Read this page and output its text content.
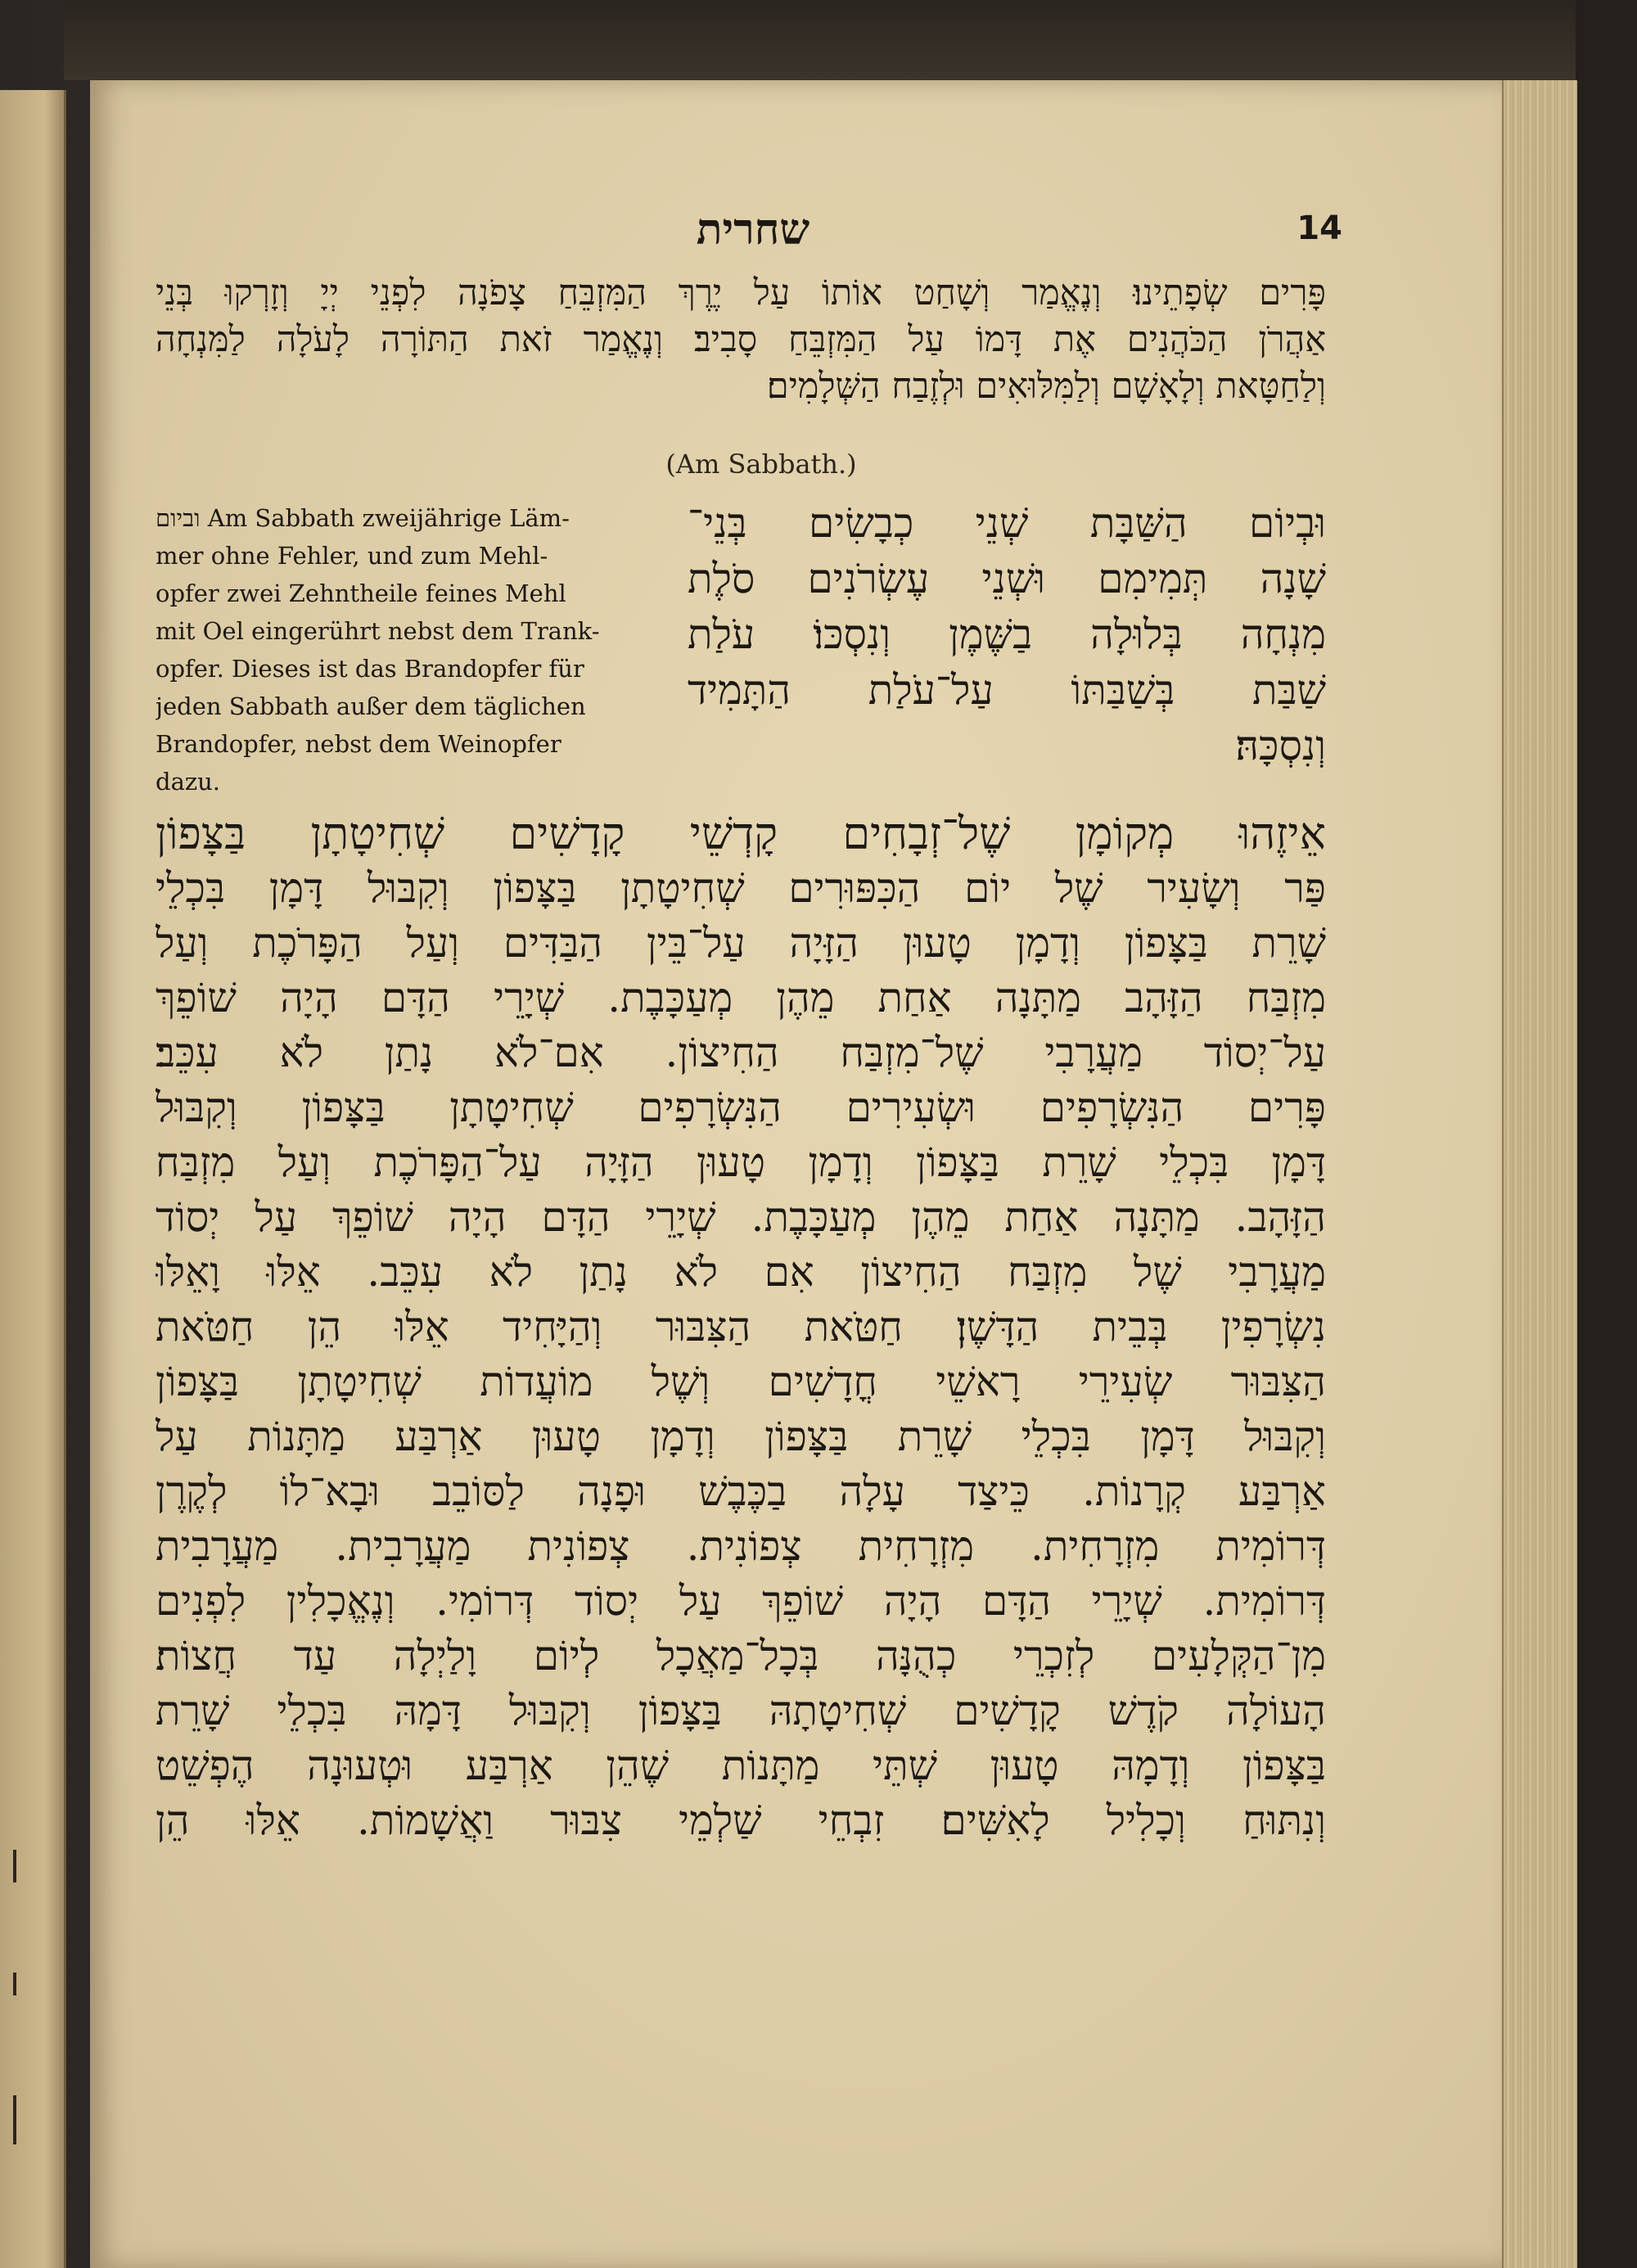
שחרית	14
פָּרִים שְׂפָתֵינוּ׃ וְנֶאֱמַר וְשָׁחַט אוֹתוֹ עַל יֶרֶךְ הַמִּזְבֵּחַ צָפֹנָה לִפְנֵי יְיָ וְזָרְקוּ בְּנֵי
אַהֲרֹן הַכֹּהֲנִים אֶת דָּמוֹ עַל הַמִּזְבֵּחַ סָבִיב׃ וְנֶאֱמַר זֹאת הַתּוֹרָה לָעֹלָה לַמִּנְחָה
וְלַחַטָּאת וְלָאָשָׁם וְלַמִּלּוּאִים וּלְזֶבַח הַשְּׁלָמִים׃
(Am Sabbath.)
וביום Am Sabbath zweijährige Läm-
mer ohne Fehler, und zum Mehl-
opfer zwei Zehntheile feines Mehl
mit Oel eingerührt nebst dem Trank-
opfer. Dieses ist das Brandopfer für
jeden Sabbath außer dem täglichen
Brandopfer, nebst dem Weinopfer
dazu.
וּבְיוֹם הַשַּׁבָּת שְׁנֵי כְבָשִׂים בְּנֵי־
שָׁנָה תְּמִימִם וּשְׁנֵי עֶשְׂרֹנִים סֹלֶת
מִנְחָה בְּלוּלָה בַשֶּׁמֶן וְנִסְכּוֹ׃ עֹלַת
שַׁבַּת בְּשַׁבַּתּוֹ עַל־עֹלַת הַתָּמִיד
וְנִסְכָּהּ׃
אֵיזֶהוּ מְקוֹמָן שֶׁל־זְבָחִים קָדְשֵׁי קָדָשִׁים שְׁחִיטָתָן בַּצָּפוֹן
פַּר וְשָׂעִיר שֶׁל יוֹם הַכִּפּוּרִים שְׁחִיטָתָן בַּצָּפוֹן וְקִבּוּל דָּמָן בִּכְלֵי
שָׁרֵת בַּצָּפוֹן וְדָמָן טָעוּן הַזָּיָה עַל־בֵּין הַבַּדִּים וְעַל הַפָּרֹכֶת וְעַל
מִזְבַּח הַזָּהָב מַתָּנָה אַחַת מֵהֶן מְעַכָּבֶת. שְׁיָרֵי הַדָּם הָיָה שׁוֹפֵךְ
עַל־יְסוֹד מַעֲרָבִי שֶׁל־מִזְבַּח הַחִיצוֹן. אִם־לֹא נָתַן לֹא עִכֵּב׃
פָּרִים הַנִּשְׂרָפִים וּשְׂעִירִים הַנִּשְׂרָפִים שְׁחִיטָתָן בַּצָּפוֹן וְקִבּוּל
דָּמָן בִּכְלֵי שָׁרֵת בַּצָּפוֹן וְדָמָן טָעוּן הַזָּיָה עַל־הַפָּרֹכֶת וְעַל מִזְבַּח
הַזָּהָב. מַתָּנָה אַחַת מֵהֶן מְעַכָּבֶת. שְׁיָרֵי הַדָּם הָיָה שׁוֹפֵךְ עַל יְסוֹד
מַעֲרָבִי שֶׁל מִזְבַּח הַחִיצוֹן אִם לֹא נָתַן לֹא עִכֵּב. אֵלּוּ וָאֵלּוּ
נִשְׂרָפִין בְּבֵית הַדָּשֶׁן׃ חַטֹּאת הַצִּבּוּר וְהַיָּחִיד אֵלּוּ הֵן חַטֹּאת
הַצִּבּוּר שְׂעִירֵי רָאשֵׁי חֳדָשִׁים וְשֶׁל מוֹעֲדוֹת שְׁחִיטָתָן בַּצָּפוֹן
וְקִבּוּל דָּמָן בִּכְלֵי שָׁרֵת בַּצָּפוֹן וְדָמָן טָעוּן אַרְבַּע מַתָּנוֹת עַל
אַרְבַּע קְרָנוֹת. כֵּיצַד עָלָה בַכֶּבֶשׁ וּפָנָה לַסּוֹבֵב וּבָא־לוֹ לְקֶרֶן
דְּרוֹמִית מִזְרָחִית. מִזְרָחִית צְפוֹנִית. צְפוֹנִית מַעֲרָבִית. מַעֲרָבִית
דְּרוֹמִית. שְׁיָרֵי הַדָּם הָיָה שׁוֹפֵךְ עַל יְסוֹד דְּרוֹמִי. וְנֶאֱכָלִין לִפְנִים
מִן־הַקְּלָעִים לְזִכְרֵי כְהֻנָּה בְּכָל־מַאֲכָל לְיוֹם וָלַיְלָה עַד חֲצוֹת׃
הָעוֹלָה קֹדֶשׁ קָדָשִׁים שְׁחִיטָתָהּ בַּצָּפוֹן וְקִבּוּל דָּמָהּ בִּכְלֵי שָׁרֵת
בַּצָּפוֹן וְדָמָהּ טָעוּן שְׁתֵּי מַתָּנוֹת שֶׁהֵן אַרְבַּע וּטְעוּנָה הֶפְשֵׁט
וְנִתּוּחַ וְכָלִיל לָאִשִּׁים׃ זִבְחֵי שַׁלְמֵי צִבּוּר וַאֲשָׁמוֹת. אֵלּוּ הֵן
